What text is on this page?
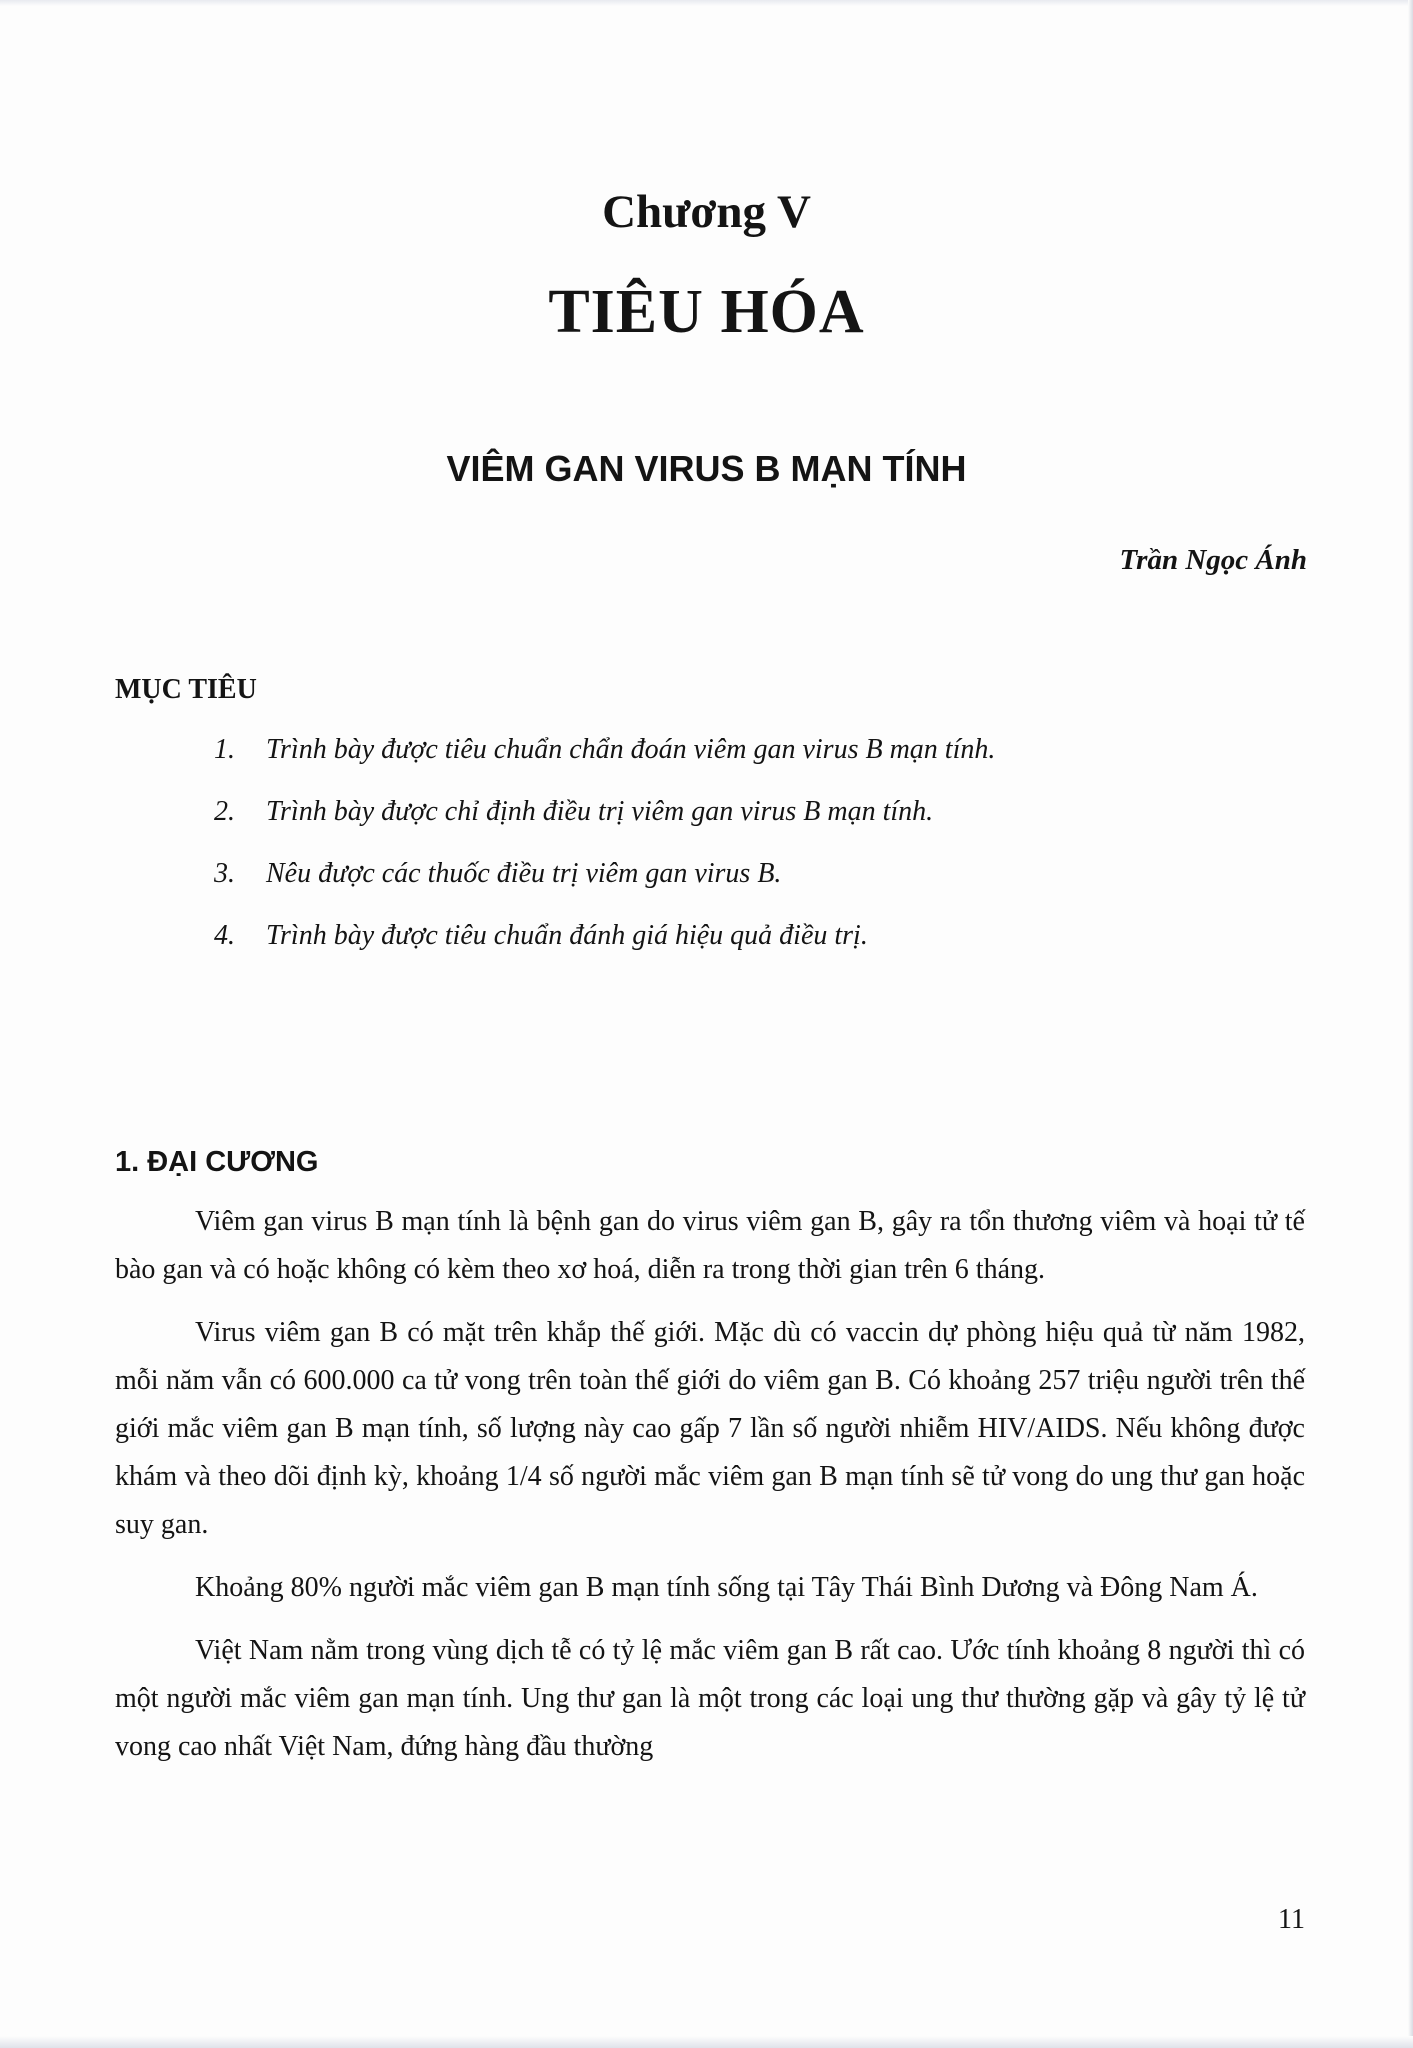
Chương V
TIÊU HÓA
VIÊM GAN VIRUS B MẠN TÍNH
Trần Ngọc Ánh
MỤC TIÊU
1. Trình bày được tiêu chuẩn chẩn đoán viêm gan virus B mạn tính.
2. Trình bày được chỉ định điều trị viêm gan virus B mạn tính.
3. Nêu được các thuốc điều trị viêm gan virus B.
4. Trình bày được tiêu chuẩn đánh giá hiệu quả điều trị.
1. ĐẠI CƯƠNG

Viêm gan virus B mạn tính là bệnh gan do virus viêm gan B, gây ra tổn thương viêm và hoại tử tế bào gan và có hoặc không có kèm theo xơ hoá, diễn ra trong thời gian trên 6 tháng.

Virus viêm gan B có mặt trên khắp thế giới. Mặc dù có vaccin dự phòng hiệu quả từ năm 1982, mỗi năm vẫn có 600.000 ca tử vong trên toàn thế giới do viêm gan B. Có khoảng 257 triệu người trên thế giới mắc viêm gan B mạn tính, số lượng này cao gấp 7 lần số người nhiễm HIV/AIDS. Nếu không được khám và theo dõi định kỳ, khoảng 1/4 số người mắc viêm gan B mạn tính sẽ tử vong do ung thư gan hoặc suy gan.

Khoảng 80% người mắc viêm gan B mạn tính sống tại Tây Thái Bình Dương và Đông Nam Á.

Việt Nam nằm trong vùng dịch tễ có tỷ lệ mắc viêm gan B rất cao. Ước tính khoảng 8 người thì có một người mắc viêm gan mạn tính. Ung thư gan là một trong các loại ung thư thường gặp và gây tỷ lệ tử vong cao nhất Việt Nam, đứng hàng đầu thường

11
